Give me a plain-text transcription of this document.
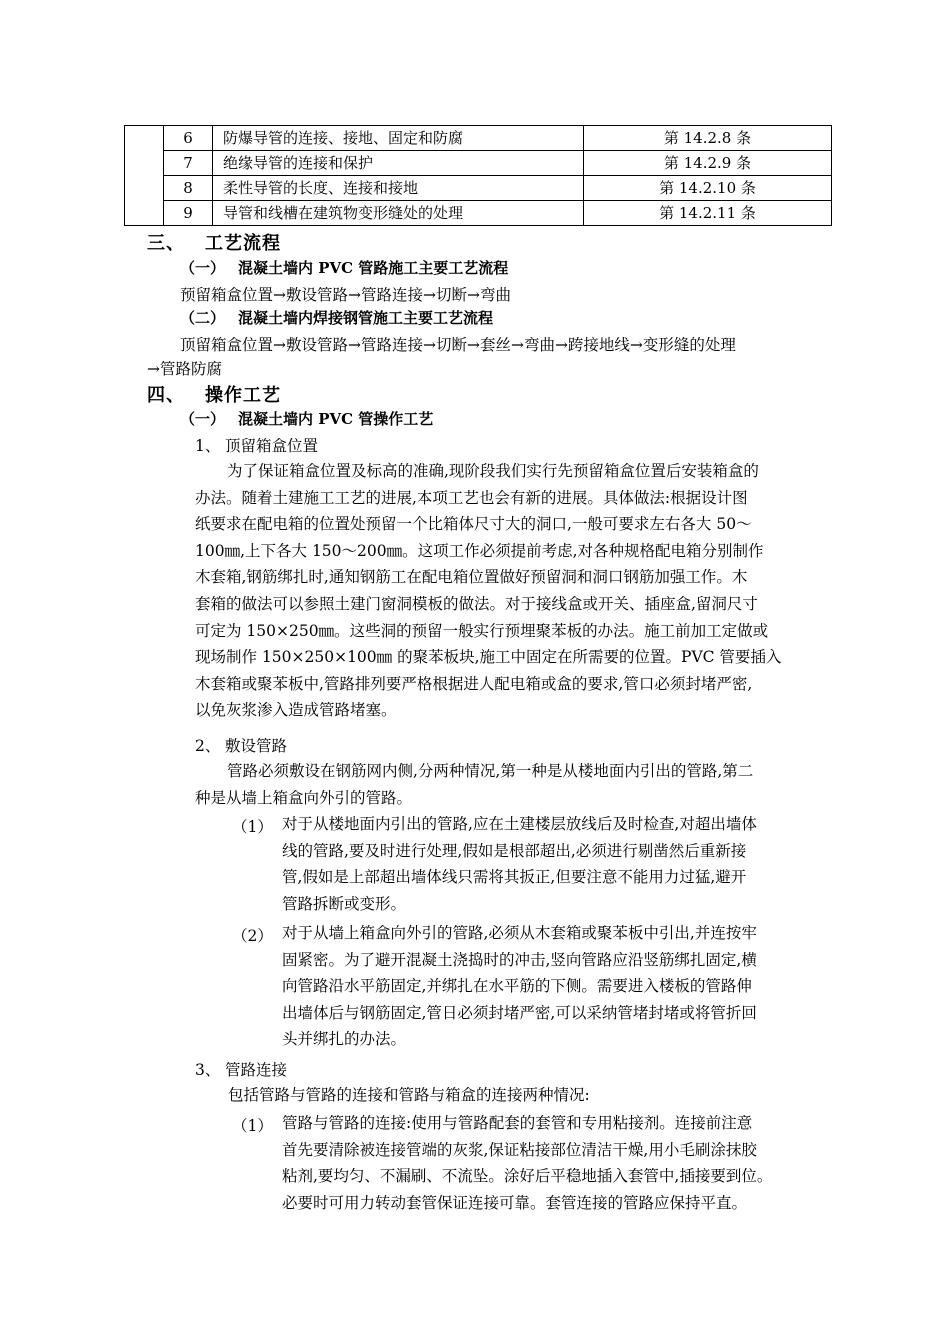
	6	防爆导管的连接、接地、固定和防腐	第 14.2.8 条
	7	绝缘导管的连接和保护	第 14.2.9 条
	8	柔性导管的长度、连接和接地	第 14.2.10 条
	9	导管和线槽在建筑物变形缝处的处理	第 14.2.11 条
三、 工艺流程
（一） 混凝土墙内 PVC 管路施工主要工艺流程
预留箱盒位置→敷设管路→管路连接→切断→弯曲
（二） 混凝土墙内焊接钢管施工主要工艺流程
顶留箱盒位置→敷设管路→管路连接→切断→套丝→弯曲→跨接地线→变形缝的处理
→管路防腐
四、 操作工艺
（一） 混凝土墙内 PVC 管操作工艺
1、 顶留箱盒位置
为了保证箱盒位置及标高的准确,现阶段我们实行先预留箱盒位置后安装箱盒的
办法。随着土建施工工艺的进展,本项工艺也会有新的进展。具体做法:根据设计图
纸要求在配电箱的位置处预留一个比箱体尺寸大的洞口,一般可要求左右各大 50～
100㎜,上下各大 150～200㎜。这项工作必须提前考虑,对各种规格配电箱分别制作
木套箱,钢筋绑扎时,通知钢筋工在配电箱位置做好预留洞和洞口钢筋加强工作。木
套箱的做法可以参照土建门窗洞模板的做法。对于接线盒或开关、插座盒,留洞尺寸
可定为 150×250㎜。这些洞的预留一般实行预埋聚苯板的办法。施工前加工定做或
现场制作 150×250×100㎜ 的聚苯板块,施工中固定在所需要的位置。PVC 管要插入
木套箱或聚苯板中,管路排列要严格根据进人配电箱或盒的要求,管口必须封堵严密,
以免灰浆渗入造成管路堵塞。
2、 敷设管路
管路必须敷设在钢筋网内侧,分两种情况,第一种是从楼地面内引出的管路,第二
种是从墙上箱盒向外引的管路。
（1） 对于从楼地面内引出的管路,应在土建楼层放线后及时检查,对超出墙体
线的管路,要及时进行处理,假如是根部超出,必须进行剔凿然后重新接
管,假如是上部超出墙体线只需将其扳正,但要注意不能用力过猛,避开
管路拆断或变形。
（2） 对于从墙上箱盒向外引的管路,必须从木套箱或聚苯板中引出,并连按牢
固紧密。为了避开混凝土浇捣时的冲击,竖向管路应沿竖筋绑扎固定,横
向管路沿水平筋固定,并绑扎在水平筋的下侧。需要进入楼板的管路伸
出墙体后与钢筋固定,管日必须封堵严密,可以采纳管堵封堵或将管折回
头并绑扎的办法。
3、 管路连接
包括管路与管路的连接和管路与箱盒的连接两种情况:
（1） 管路与管路的连接:使用与管路配套的套管和专用粘接剂。连接前注意
首先要清除被连接管端的灰浆,保证粘接部位清洁干燥,用小毛刷涂抹胶
粘剂,要均匀、不漏刷、不流坠。涂好后平稳地插入套管中,插接要到位。
必要时可用力转动套管保证连接可靠。套管连接的管路应保持平直。
